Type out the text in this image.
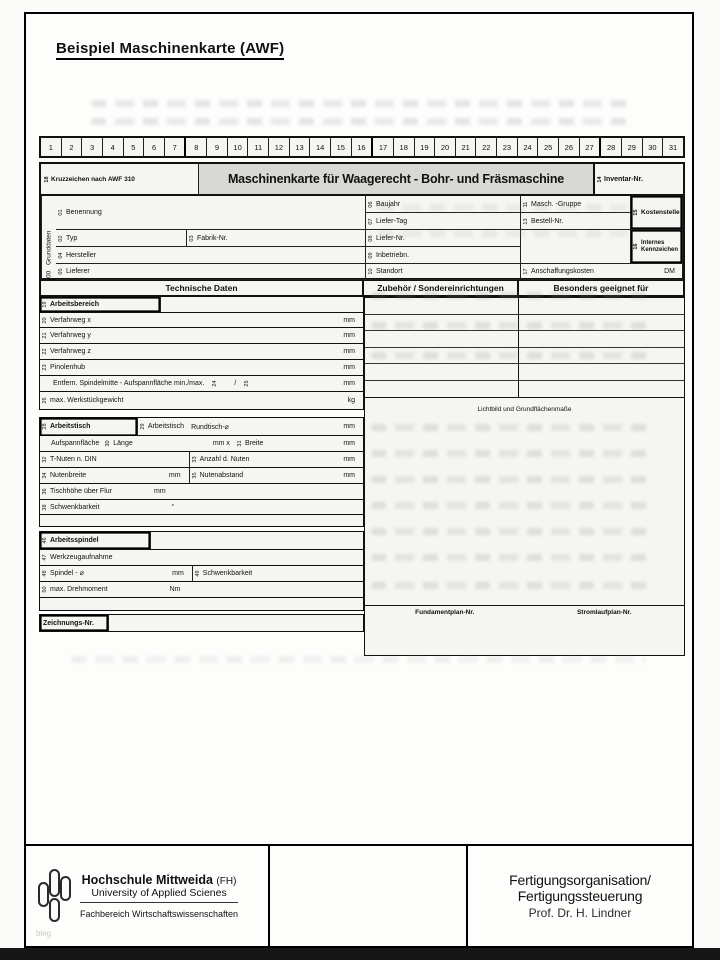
Beispiel Maschinenkarte (AWF)
1	2	3	4	5	6	7	8	9	10	11	12	13	14	15	16	17	18	19	20	21	22	23	24	25	26	27	28	29	30	31
18 Kruzzeichen nach AWF 310	Maschinenkarte für Waagerecht - Bohr- und Fräsmaschine	14 Inventar-Nr.
00
Grunddaten
01 Benennung
06 Baujahr	11 Masch. -Gruppe
15 Kostenstelle
07 Liefer-Tag	13 Bestell-Nr.
02 Typ	03 Fabrik-Nr.	08 Liefer-Nr.
16
Internes Kennzeichen
04 Hersteller	09 Inbetriebn.
05 Lieferer	10 Standort	17 Anschaffungskosten	DM
Technische Daten	Zubehör / Sondereinrichtungen	Besonders geeignet für
19 Arbeitsbereich
20 Verfahrweg x	mm
21 Verfahrweg y	mm
22 Verfahrweg z	mm
23 Pinolenhub	mm
Entfern. Spindelmitte - Aufspannfläche min./max. 24 / 25	mm
26 max. Werkstückgewicht	kg
28 Arbeitstisch	29 Arbeitstisch Rundtisch-⌀	mm
Aufspannfläche 30 Länge	mm x 31 Breite	mm
32 T-Nuten n. DIN	33 Anzahl d. Nuten	mm
34 Nutenbreite	mm 35 Nutenabstand	mm
36 Tischhöhe über Flur	mm
38 Schwenkbarkeit	°
46 Arbeitsspindel
47 Werkzeugaufnahme
48 Spindel - ⌀	mm 49 Schwenkbarkeit
50 max. Drehmoment	Nm
Zeichnungs-Nr.
Lichtbild und Grundflächenmaße
Fundamentplan-Nr.	Stromlaufplan-Nr.
Hochschule Mittweida (FH)
University of Applied Scienes
Fachbereich Wirtschaftswissenschaften
bleg
Fertigungsorganisation/
Fertigungssteuerung
Prof. Dr. H. Lindner
